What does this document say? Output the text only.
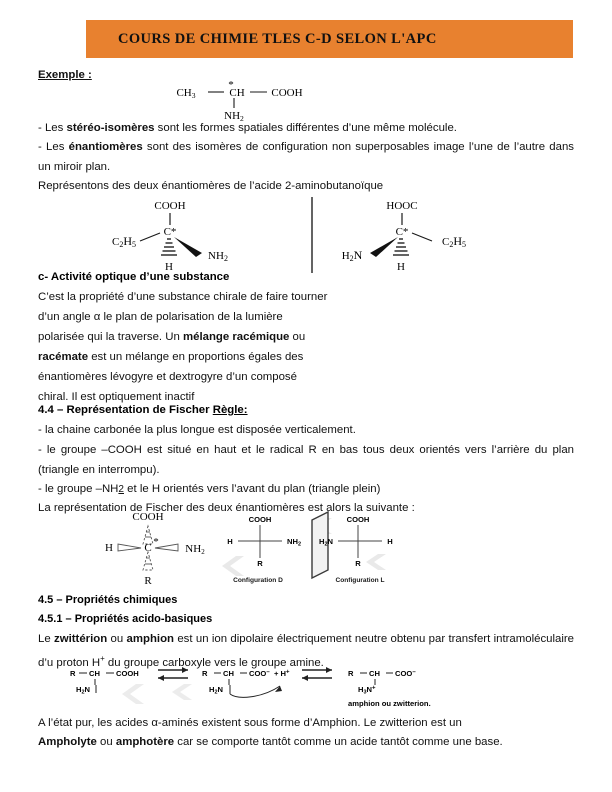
COURS DE CHIMIE TLES C-D SELON L'APC
Exemple :
CH3	CH
*
COOH
NH2

- Les stéréo-isomères sont les formes spatiales différentes d’une même molécule.

- Les énantiomères sont des isomères de configuration non superposables image l’une de l’autre dans un miroir plan.

Représentons des deux énantiomères de l’acide 2-aminobutanoïque

COOH
C*
C2H5
NH2
H
HOOC
C*
C2H5
H2N
H

c- Activité optique d’une substance

C’est la propriété d’une substance chirale de faire tourner d’un angle α le plan de polarisation de la lumière polarisée qui la traverse. Un mélange racémique ou racémate est un mélange en proportions égales des énantiomères lévogyre et dextrogyre d’un composé chiral. Il est optiquement inactif

4.4 – Représentation de Fischer Règle:

- la chaine carbonée la plus longue est disposée verticalement.

- le groupe –COOH est situé en haut et le radical R en bas tous deux orientés vers l’arrière du plan (triangle en interrompu).

- le groupe –NH2 et le H orientés vers l’avant du plan (triangle plein)

La représentation de Fischer des deux énantiomères est alors la suivante :

COOH
C *
H	NH2
R
COOH
H	NH2
R
Configuration D
COOH
H2N	H
R
Configuration L

4.5 – Propriétés chimiques

4.5.1 – Propriétés acido-basiques

Le zwittérion ou amphion est un ion dipolaire électriquement neutre obtenu par transfert intramoléculaire d’u proton H+ du groupe carboxyle vers le groupe amine.

R CH COOH
H2N
R CH COO– + H+
H2N
R CH COO–
H3N+
amphion ou zwitterion.

A l’état pur, les acides α-aminés existent sous forme d’Amphion. Le zwitterion est un

Ampholyte ou amphotère car se comporte tantôt comme un acide tantôt comme une base.
